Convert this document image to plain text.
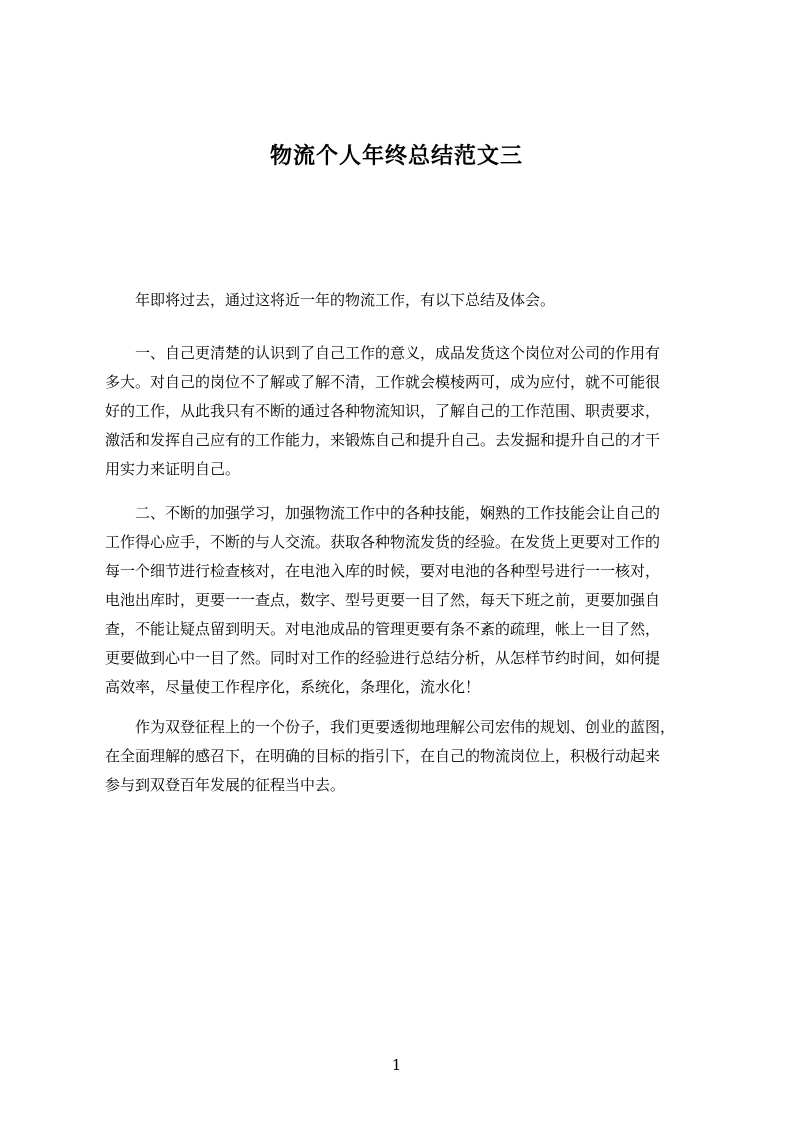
物流个人年终总结范文三
　　年即将过去，通过这将近一年的物流工作，有以下总结及体会。
　　一、自己更清楚的认识到了自己工作的意义，成品发货这个岗位对公司的作用有
多大。对自己的岗位不了解或了解不清，工作就会模棱两可，成为应付，就不可能很
好的工作，从此我只有不断的通过各种物流知识，了解自己的工作范围、职责要求，
激活和发挥自己应有的工作能力，来锻炼自己和提升自己。去发掘和提升自己的才干
用实力来证明自己。
　　二、不断的加强学习，加强物流工作中的各种技能，娴熟的工作技能会让自己的
工作得心应手，不断的与人交流。获取各种物流发货的经验。在发货上更要对工作的
每一个细节进行检查核对，在电池入库的时候，要对电池的各种型号进行一一核对，
电池出库时，更要一一查点，数字、型号更要一目了然，每天下班之前，更要加强自
查，不能让疑点留到明天。对电池成品的管理更要有条不紊的疏理，帐上一目了然，
更要做到心中一目了然。同时对工作的经验进行总结分析，从怎样节约时间，如何提
高效率，尽量使工作程序化，系统化，条理化，流水化！
　　作为双登征程上的一个份子，我们更要透彻地理解公司宏伟的规划、创业的蓝图，
在全面理解的感召下，在明确的目标的指引下，在自己的物流岗位上，积极行动起来
参与到双登百年发展的征程当中去。
1
